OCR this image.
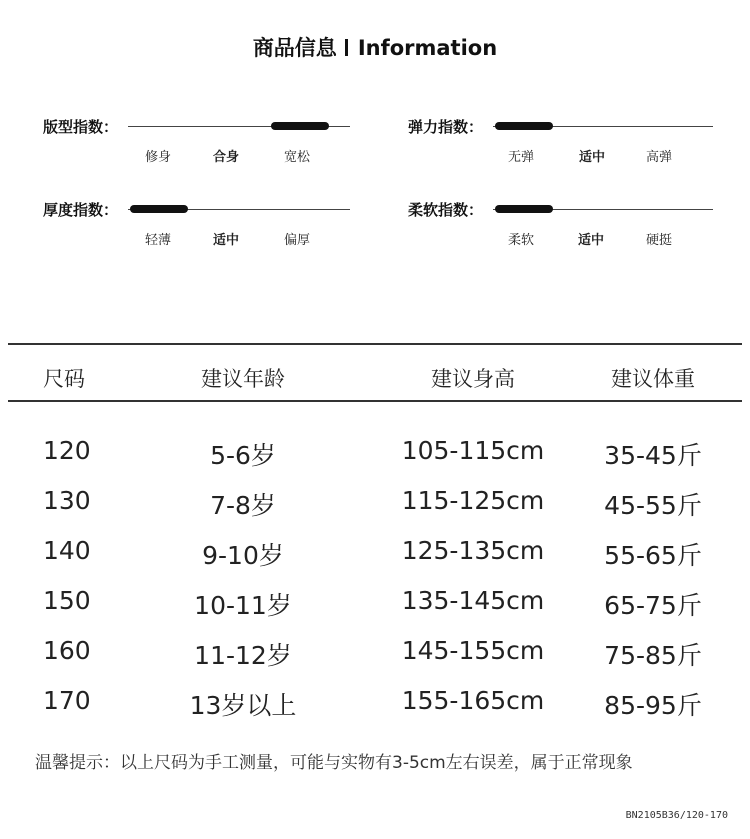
商品信息 Information
版型指数：
修身	合身	宽松
弹力指数：
无弹	适中	高弹
厚度指数：
轻薄	适中	偏厚
柔软指数：
柔软	适中	硬挺
尺码	建议年龄	建议身高	建议体重
120	5-6岁	105-115cm	35-45斤
130	7-8岁	115-125cm	45-55斤
140	9-10岁	125-135cm	55-65斤
150	10-11岁	135-145cm	65-75斤
160	11-12岁	145-155cm	75-85斤
170	13岁以上	155-165cm	85-95斤
温馨提示：以上尺码为手工测量，可能与实物有3-5cm左右误差，属于正常现象
BN2105B36/120-170
